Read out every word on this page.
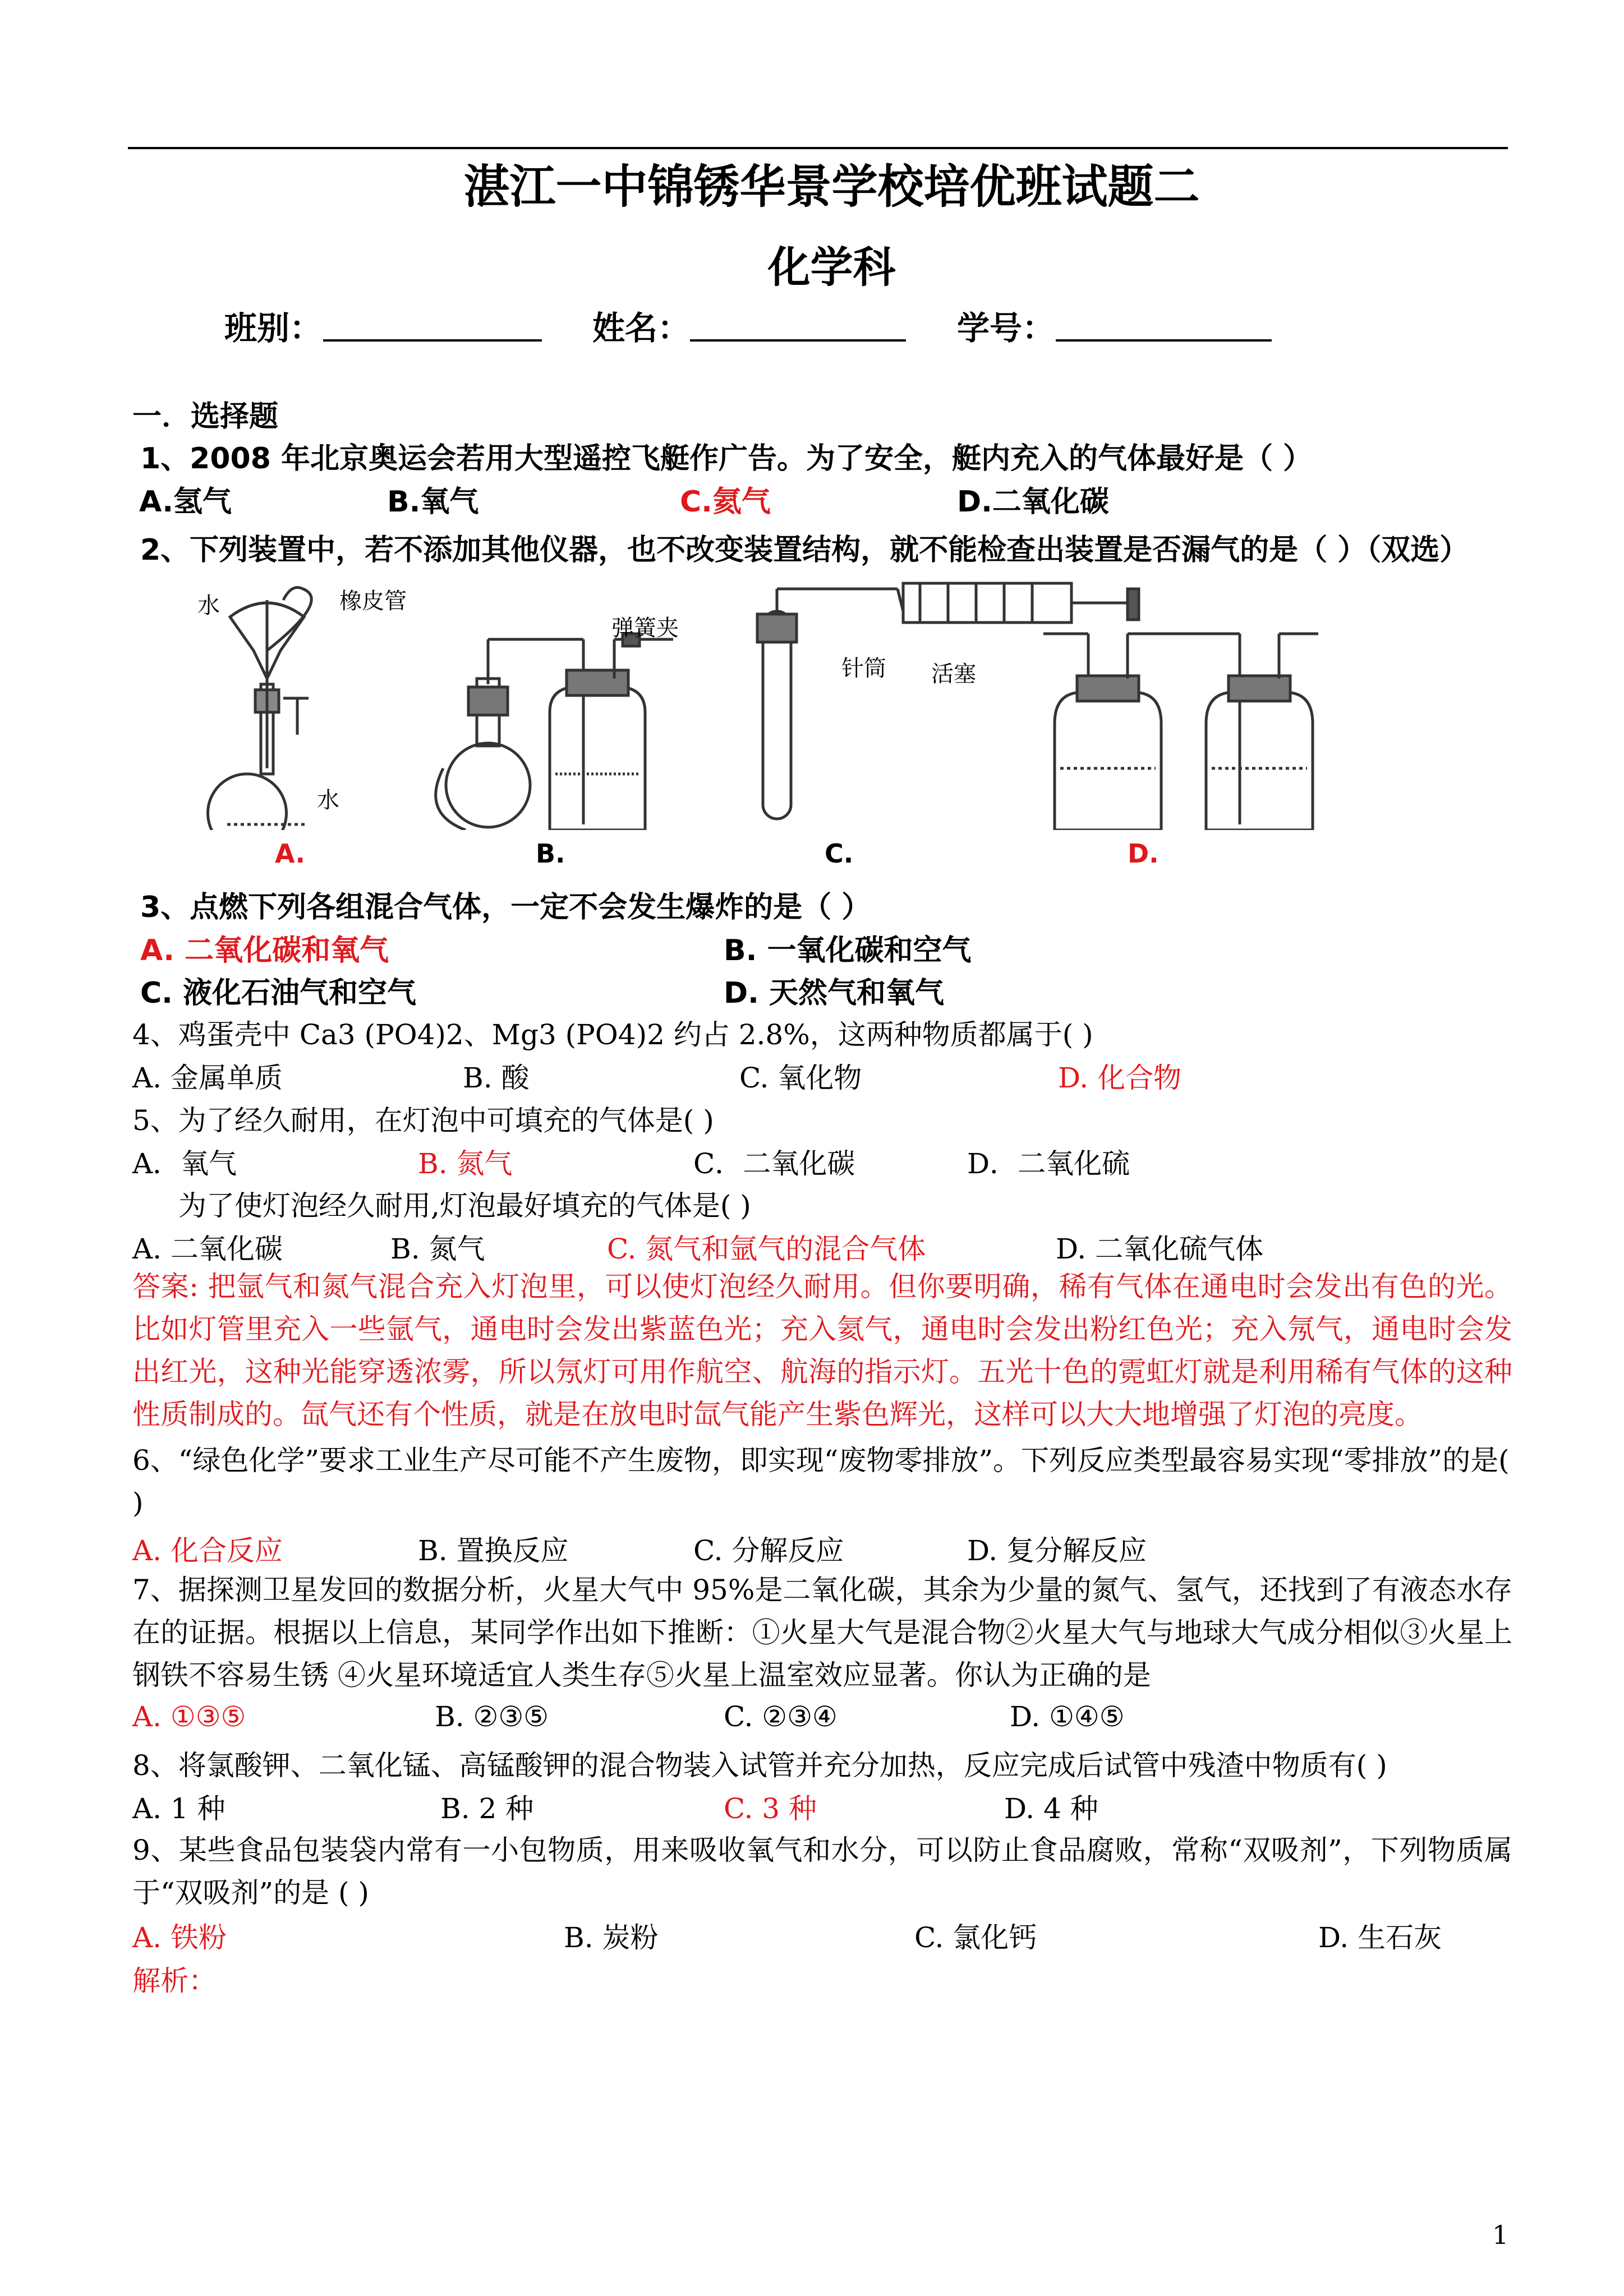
湛江一中锦锈华景学校培优班试题二
化学科
班别：	姓名：	学号：
一．选择题
1、2008 年北京奥运会若用大型遥控飞艇作广告。为了安全，艇内充入的气体最好是（ ）
A.氢气	B.氧气	C.氦气	D.二氧化碳
2、下列装置中，若不添加其他仪器，也不改变装置结构，就不能检查出装置是否漏气的是（ ）（双选）
水	橡皮管
水
弹簧夹
针筒 活塞
A.	B.	C.	D.
3、点燃下列各组混合气体，一定不会发生爆炸的是（ ）
A. 二氧化碳和氧气	B. 一氧化碳和空气
C. 液化石油气和空气	D. 天然气和氧气
4、鸡蛋壳中 Ca3 (PO4)2、Mg3 (PO4)2 约占 2.8%，这两种物质都属于( )
A. 金属单质	B. 酸	C. 氧化物	D. 化合物
5、为了经久耐用，在灯泡中可填充的气体是( )
A．氧气	B. 氮气	C．二氧化碳	D．二氧化硫
为了使灯泡经久耐用,灯泡最好填充的气体是( )
A. 二氧化碳	B. 氮气	C. 氮气和氩气的混合气体	D. 二氧化硫气体
答案: 把氩气和氮气混合充入灯泡里，可以使灯泡经久耐用。但你要明确，稀有气体在通电时会发出有色的光。比如灯管里充入一些氩气，通电时会发出紫蓝色光；充入氦气，通电时会发出粉红色光；充入氖气，通电时会发出红光，这种光能穿透浓雾，所以氖灯可用作航空、航海的指示灯。五光十色的霓虹灯就是利用稀有气体的这种性质制成的。氙气还有个性质，就是在放电时氙气能产生紫色辉光，这样可以大大地增强了灯泡的亮度。
6、“绿色化学”要求工业生产尽可能不产生废物，即实现“废物零排放”。下列反应类型最容易实现“零排放”的是( )
A. 化合反应	B. 置换反应	C. 分解反应	D. 复分解反应
7、据探测卫星发回的数据分析，火星大气中 95%是二氧化碳，其余为少量的氮气、氢气，还找到了有液态水存在的证据。根据以上信息，某同学作出如下推断：①火星大气是混合物②火星大气与地球大气成分相似③火星上钢铁不容易生锈 ④火星环境适宜人类生存⑤火星上温室效应显著。你认为正确的是
A. ①③⑤	B. ②③⑤	C. ②③④	D. ①④⑤
8、将氯酸钾、二氧化锰、高锰酸钾的混合物装入试管并充分加热，反应完成后试管中残渣中物质有( )
A. 1 种	B. 2 种	C. 3 种	D. 4 种
9、某些食品包装袋内常有一小包物质，用来吸收氧气和水分，可以防止食品腐败，常称“双吸剂”，下列物质属于“双吸剂”的是 ( )
A. 铁粉	B. 炭粉	C. 氯化钙	D. 生石灰
解析：
1
